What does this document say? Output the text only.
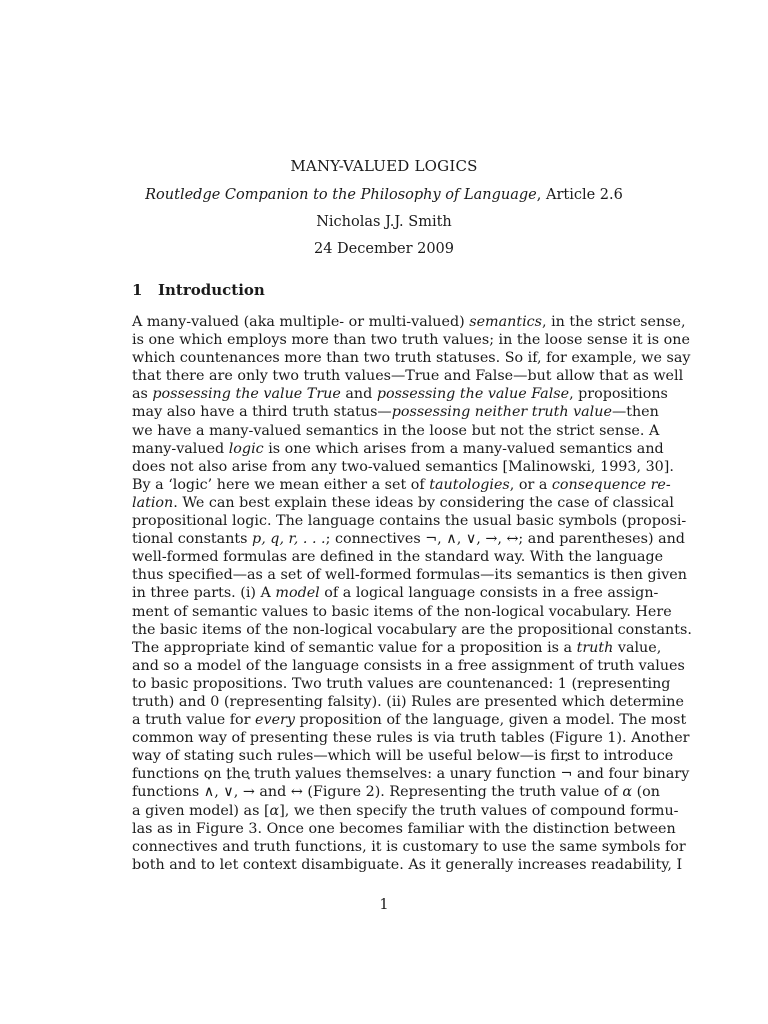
MANY-VALUED LOGICS
Routledge Companion to the Philosophy of Language, Article 2.6
Nicholas J.J. Smith
24 December 2009
1 Introduction
A many-valued (aka multiple- or multi-valued) semantics, in the strict sense,
is one which employs more than two truth values; in the loose sense it is one
which countenances more than two truth statuses. So if, for example, we say
that there are only two truth values—True and False—but allow that as well
as possessing the value True and possessing the value False, propositions
may also have a third truth status—possessing neither truth value—then
we have a many-valued semantics in the loose but not the strict sense. A
many-valued logic is one which arises from a many-valued semantics and
does not also arise from any two-valued semantics [Malinowski, 1993, 30].
By a ‘logic’ here we mean either a set of tautologies, or a consequence re-
lation. We can best explain these ideas by considering the case of classical
propositional logic. The language contains the usual basic symbols (proposi-
tional constants p, q, r, . . .; connectives ¬, ∧, ∨, →, ↔; and parentheses) and
well-formed formulas are defined in the standard way. With the language
thus specified—as a set of well-formed formulas—its semantics is then given
in three parts. (i) A model of a logical language consists in a free assign-
ment of semantic values to basic items of the non-logical vocabulary. Here
the basic items of the non-logical vocabulary are the propositional constants.
The appropriate kind of semantic value for a proposition is a truth value,
and so a model of the language consists in a free assignment of truth values
to basic propositions. Two truth values are countenanced: 1 (representing
truth) and 0 (representing falsity). (ii) Rules are presented which determine
a truth value for every proposition of the language, given a model. The most
common way of presenting these rules is via truth tables (Figure 1). Another
way of stating such rules—which will be useful below—is first to introduce
functions on the truth values themselves: a unary function ⋆ ¬ and four binary
functions ⋆ ∧, ⋆ ∨, ⋆ → and ⋆ ↔ (Figure 2). Representing the truth value of α (on
a given model) as [α], we then specify the truth values of compound formu-
las as in Figure 3. Once one becomes familiar with the distinction between
connectives and truth functions, it is customary to use the same symbols for
both and to let context disambiguate. As it generally increases readability, I
1
